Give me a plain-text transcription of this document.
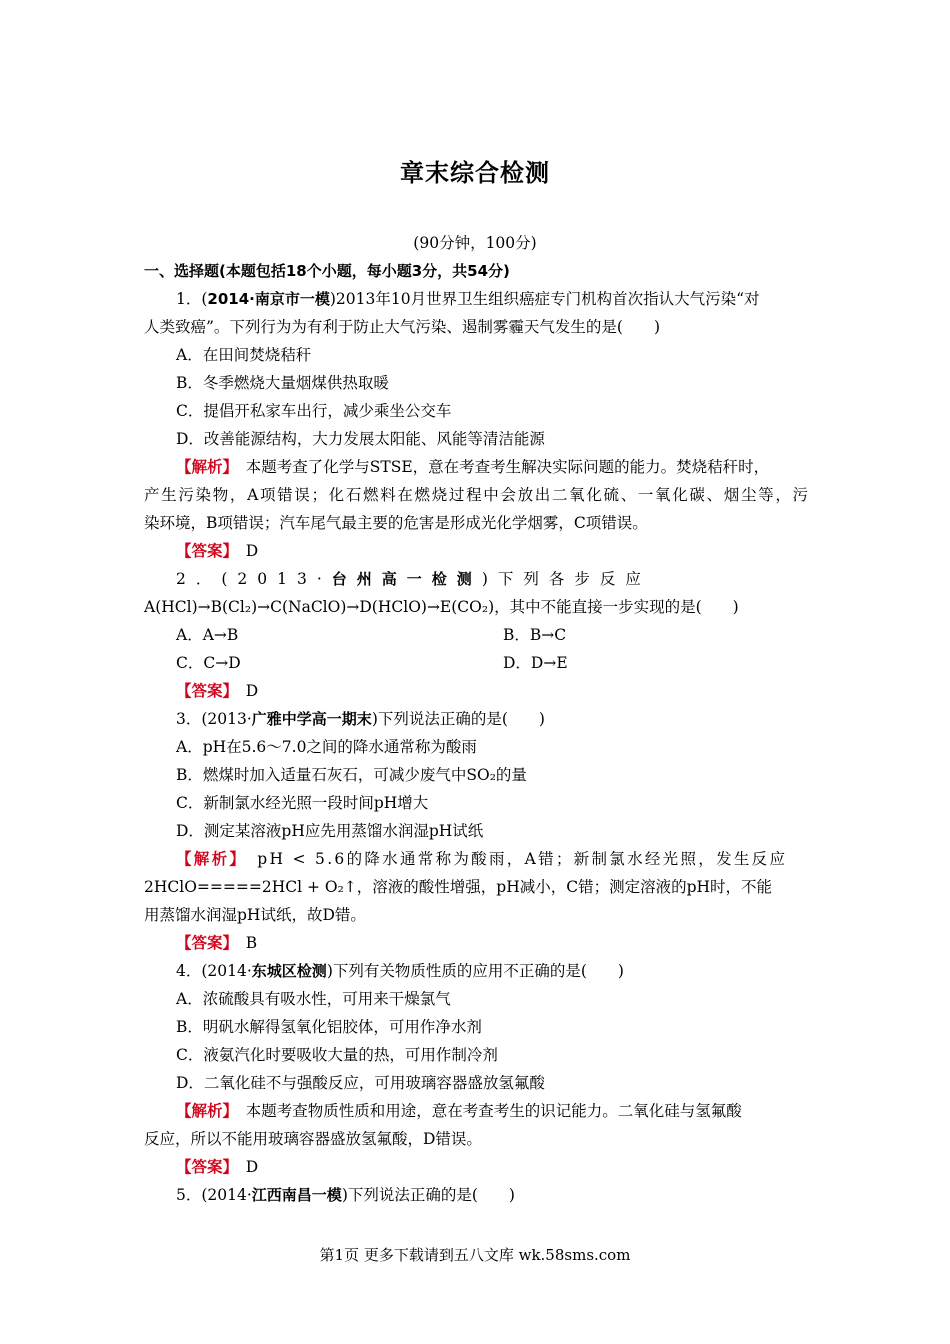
章末综合检测
(90分钟，100分)
一、选择题(本题包括18个小题，每小题3分，共54分)
1．(2014·南京市一模)2013年10月世界卫生组织癌症专门机构首次指认大气污染“对
人类致癌”。下列行为为有利于防止大气污染、遏制雾霾天气发生的是(　　)
A．在田间焚烧秸秆
B．冬季燃烧大量烟煤供热取暖
C．提倡开私家车出行，减少乘坐公交车
D．改善能源结构，大力发展太阳能、风能等清洁能源
【解析】　本题考查了化学与STSE，意在考查考生解决实际问题的能力。焚烧秸秆时，
产生污染物，A项错误；化石燃料在燃烧过程中会放出二氧化硫、一氧化碳、烟尘等，污
染环境，B项错误；汽车尾气最主要的危害是形成光化学烟雾，C项错误。
【答案】　D
2．(2013·台州高一检测)下列各步反应
A(HCl)→B(Cl₂)→C(NaClO)→D(HClO)→E(CO₂)，其中不能直接一步实现的是(　　)
A．A→B	B．B→C
C．C→D	D．D→E
【答案】　D
3．(2013·广雅中学高一期末)下列说法正确的是(　　)
A．pH在5.6～7.0之间的降水通常称为酸雨
B．燃煤时加入适量石灰石，可减少废气中SO₂的量
C．新制氯水经光照一段时间pH增大
D．测定某溶液pH应先用蒸馏水润湿pH试纸
【解析】　pH < 5.6的降水通常称为酸雨，A错；新制氯水经光照，发生反应
2HClO=====2HCl + O₂↑，溶液的酸性增强，pH减小，C错；测定溶液的pH时，不能
用蒸馏水润湿pH试纸，故D错。
【答案】　B
4．(2014·东城区检测)下列有关物质性质的应用不正确的是(　　)
A．浓硫酸具有吸水性，可用来干燥氯气
B．明矾水解得氢氧化铝胶体，可用作净水剂
C．液氨汽化时要吸收大量的热，可用作制冷剂
D．二氧化硅不与强酸反应，可用玻璃容器盛放氢氟酸
【解析】　本题考查物质性质和用途，意在考查考生的识记能力。二氧化硅与氢氟酸
反应，所以不能用玻璃容器盛放氢氟酸，D错误。
【答案】　D
5．(2014·江西南昌一模)下列说法正确的是(　　)
第1页 更多下载请到五八文库 wk.58sms.com
